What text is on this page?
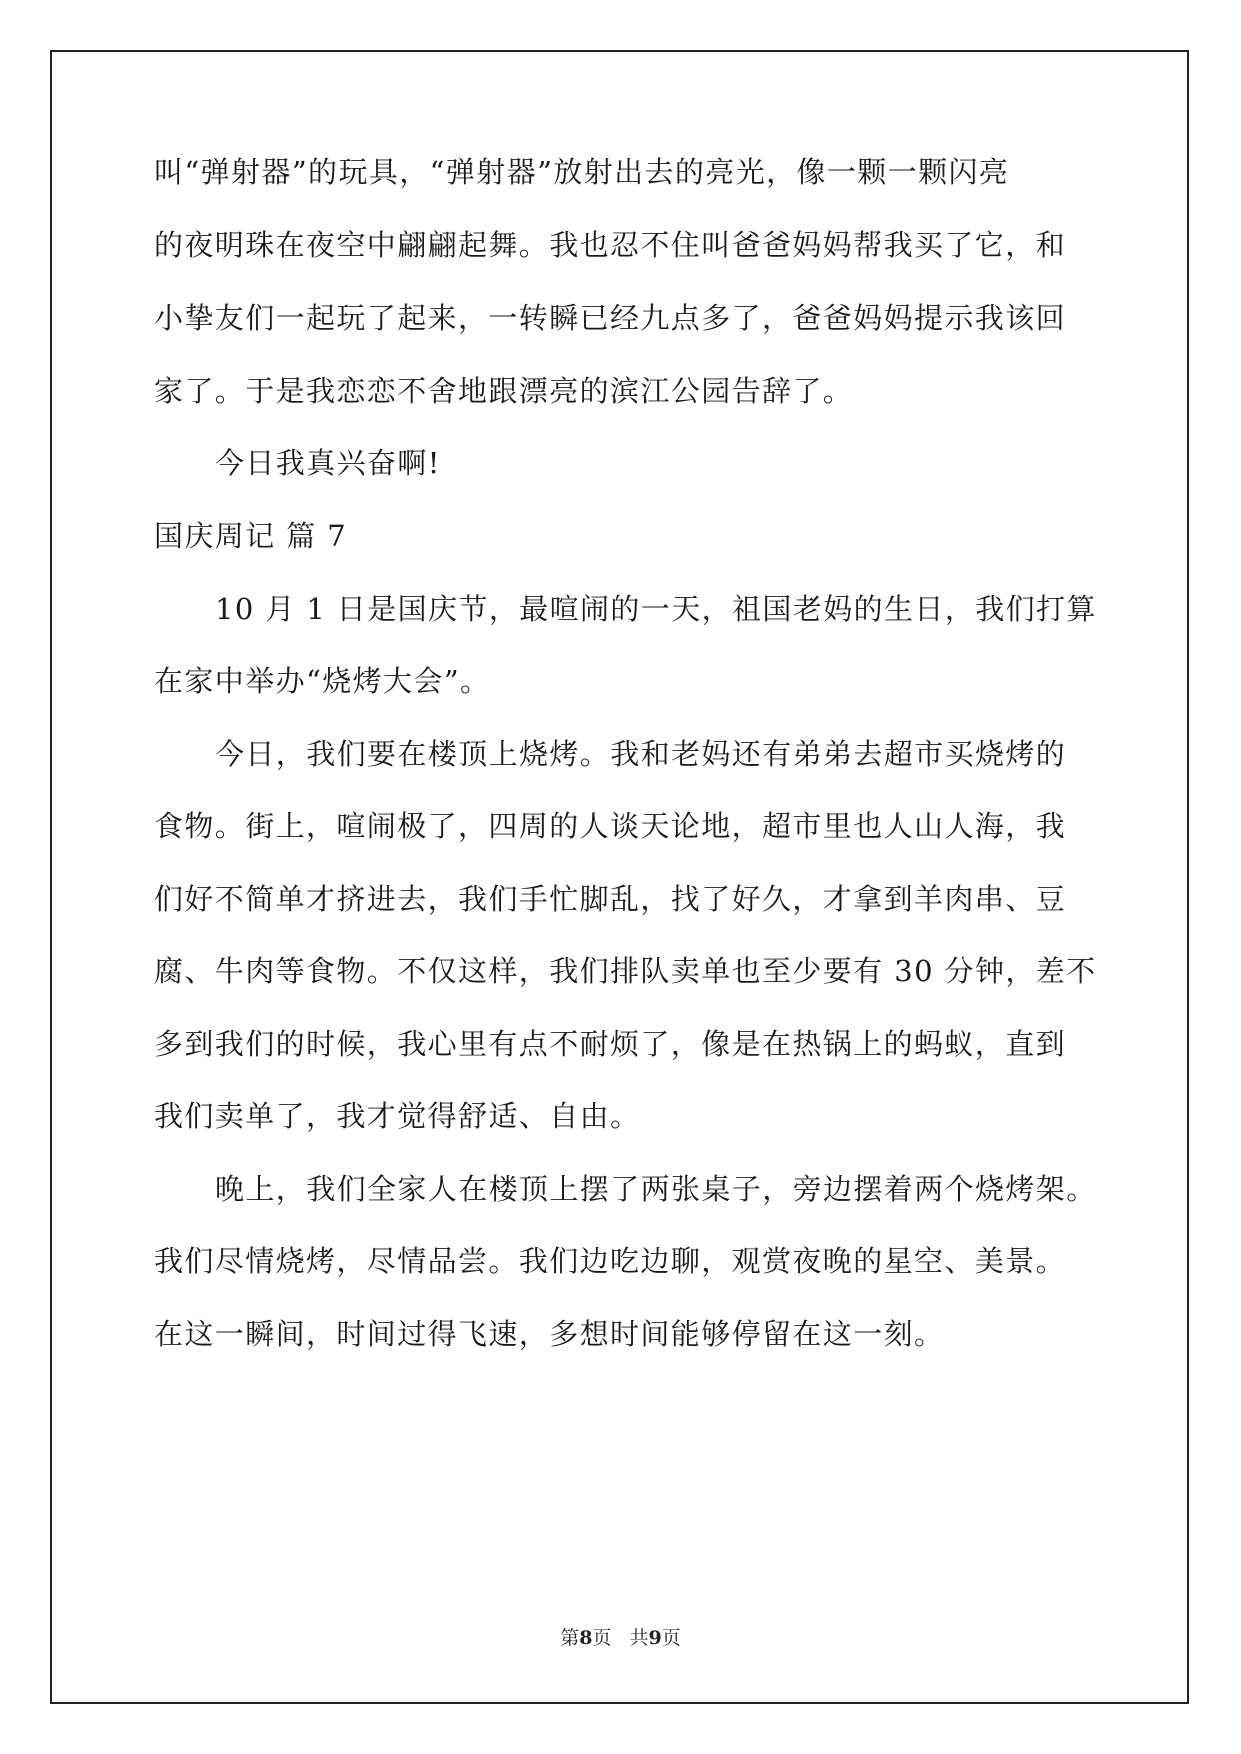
叫“弹射器”的玩具，“弹射器”放射出去的亮光，像一颗一颗闪亮
的夜明珠在夜空中翩翩起舞。我也忍不住叫爸爸妈妈帮我买了它，和
小挚友们一起玩了起来，一转瞬已经九点多了，爸爸妈妈提示我该回
家了。于是我恋恋不舍地跟漂亮的滨江公园告辞了。
今日我真兴奋啊!
国庆周记 篇 7
10 月 1 日是国庆节，最喧闹的一天，祖国老妈的生日，我们打算
在家中举办“烧烤大会”。
今日，我们要在楼顶上烧烤。我和老妈还有弟弟去超市买烧烤的
食物。街上，喧闹极了，四周的人谈天论地，超市里也人山人海，我
们好不简单才挤进去，我们手忙脚乱，找了好久，才拿到羊肉串、豆
腐、牛肉等食物。不仅这样，我们排队卖单也至少要有 30 分钟，差不
多到我们的时候，我心里有点不耐烦了，像是在热锅上的蚂蚁，直到
我们卖单了，我才觉得舒适、自由。
晚上，我们全家人在楼顶上摆了两张桌子，旁边摆着两个烧烤架。
我们尽情烧烤，尽情品尝。我们边吃边聊，观赏夜晚的星空、美景。
在这一瞬间，时间过得飞速，多想时间能够停留在这一刻。
第8页 共9页
